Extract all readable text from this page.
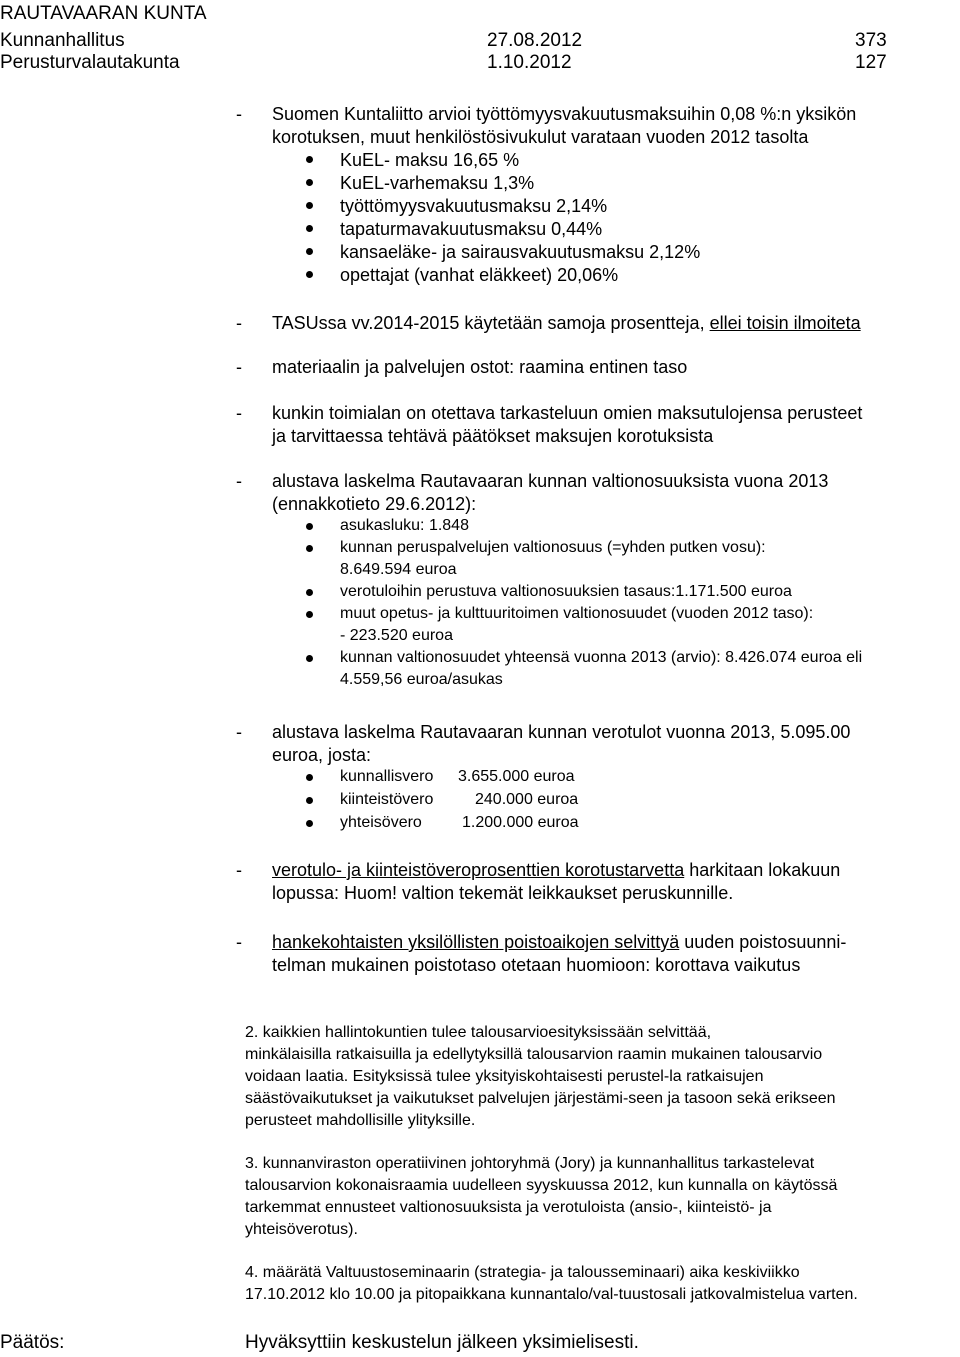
RAUTAVAARAN KUNTA
Kunnanhallitus	27.08.2012	373
Perusturvalautakunta	1.10.2012	127
- Suomen Kuntaliitto arvioi työttömyysvakuutusmaksuihin 0,08 %:n yksikön
korotuksen, muut henkilöstösivukulut varataan vuoden 2012 tasolta
KuEL- maksu 16,65 %
KuEL-varhemaksu 1,3%
työttömyysvakuutusmaksu 2,14%
tapaturmavakuutusmaksu 0,44%
kansaeläke- ja sairausvakuutusmaksu 2,12%
opettajat (vanhat eläkkeet) 20,06%
- TASUssa vv.2014-2015 käytetään samoja prosentteja, ellei toisin ilmoiteta
- materiaalin ja palvelujen ostot: raamina entinen taso
- kunkin toimialan on otettava tarkasteluun omien maksutulojensa perusteet
ja tarvittaessa tehtävä päätökset maksujen korotuksista
- alustava laskelma Rautavaaran kunnan valtionosuuksista vuona 2013
(ennakkotieto 29.6.2012):
asukasluku: 1.848
kunnan peruspalvelujen valtionosuus (=yhden putken vosu):
8.649.594 euroa
verotuloihin perustuva valtionosuuksien tasaus:1.171.500 euroa
muut opetus- ja kulttuuritoimen valtionosuudet (vuoden 2012 taso):
- 223.520 euroa
kunnan valtionosuudet yhteensä vuonna 2013 (arvio): 8.426.074 euroa eli
4.559,56 euroa/asukas
- alustava laskelma Rautavaaran kunnan verotulot vuonna 2013, 5.095.00
euroa, josta:
kunnallisvero 3.655.000 euroa
kiinteistövero	240.000 euroa
yhteisövero	1.200.000 euroa
- verotulo- ja kiinteistöveroprosenttien korotustarvetta harkitaan lokakuun
lopussa: Huom! valtion tekemät leikkaukset peruskunnille.
- hankekohtaisten yksilöllisten poistoaikojen selvittyä uuden poistosuunni-
telman mukainen poistotaso otetaan huomioon: korottava vaikutus
2. kaikkien hallintokuntien tulee talousarvioesityksissään selvittää,
minkälaisilla ratkaisuilla ja edellytyksillä talousarvion raamin mukainen talousarvio
voidaan laatia. Esityksissä tulee yksityiskohtaisesti perustel-la ratkaisujen
säästövaikutukset ja vaikutukset palvelujen järjestämi-seen ja tasoon sekä erikseen
perusteet mahdollisille ylityksille.
3. kunnanviraston operatiivinen johtoryhmä (Jory) ja kunnanhallitus tarkastelevat
talousarvion kokonaisraamia uudelleen syyskuussa 2012, kun kunnalla on käytössä
tarkemmat ennusteet valtionosuuksista ja verotuloista (ansio-, kiinteistö- ja
yhteisöverotus).
4. määrätä Valtuustoseminaarin (strategia- ja talousseminaari) aika keskiviikko
17.10.2012 klo 10.00 ja pitopaikkana kunnantalo/val-tuustosali jatkovalmistelua varten.
Päätös:	Hyväksyttiin keskustelun jälkeen yksimielisesti.
